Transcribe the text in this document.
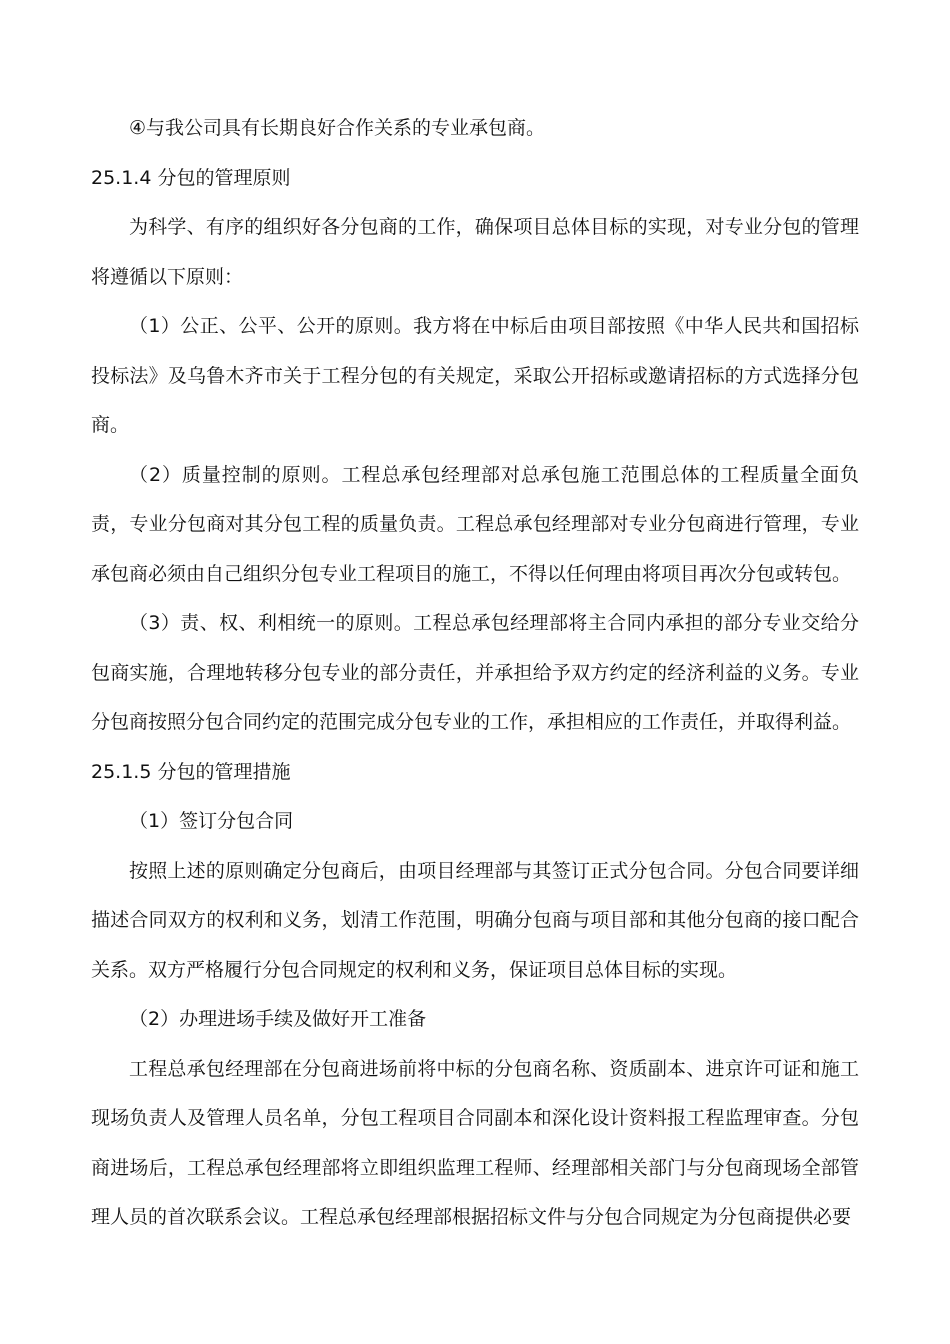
④与我公司具有长期良好合作关系的专业承包商。

25.1.4 分包的管理原则

为科学、有序的组织好各分包商的工作，确保项目总体目标的实现，对专业分包的管理将遵循以下原则：

（1）公正、公平、公开的原则。我方将在中标后由项目部按照《中华人民共和国招标投标法》及乌鲁木齐市关于工程分包的有关规定，采取公开招标或邀请招标的方式选择分包商。

（2）质量控制的原则。工程总承包经理部对总承包施工范围总体的工程质量全面负责，专业分包商对其分包工程的质量负责。工程总承包经理部对专业分包商进行管理，专业承包商必须由自己组织分包专业工程项目的施工，不得以任何理由将项目再次分包或转包。

（3）责、权、利相统一的原则。工程总承包经理部将主合同内承担的部分专业交给分包商实施，合理地转移分包专业的部分责任，并承担给予双方约定的经济利益的义务。专业分包商按照分包合同约定的范围完成分包专业的工作，承担相应的工作责任，并取得利益。

25.1.5 分包的管理措施

（1）签订分包合同

按照上述的原则确定分包商后，由项目经理部与其签订正式分包合同。分包合同要详细描述合同双方的权利和义务，划清工作范围，明确分包商与项目部和其他分包商的接口配合关系。双方严格履行分包合同规定的权利和义务，保证项目总体目标的实现。

（2）办理进场手续及做好开工准备

工程总承包经理部在分包商进场前将中标的分包商名称、资质副本、进京许可证和施工现场负责人及管理人员名单，分包工程项目合同副本和深化设计资料报工程监理审查。分包商进场后，工程总承包经理部将立即组织监理工程师、经理部相关部门与分包商现场全部管理人员的首次联系会议。工程总承包经理部根据招标文件与分包合同规定为分包商提供必要
